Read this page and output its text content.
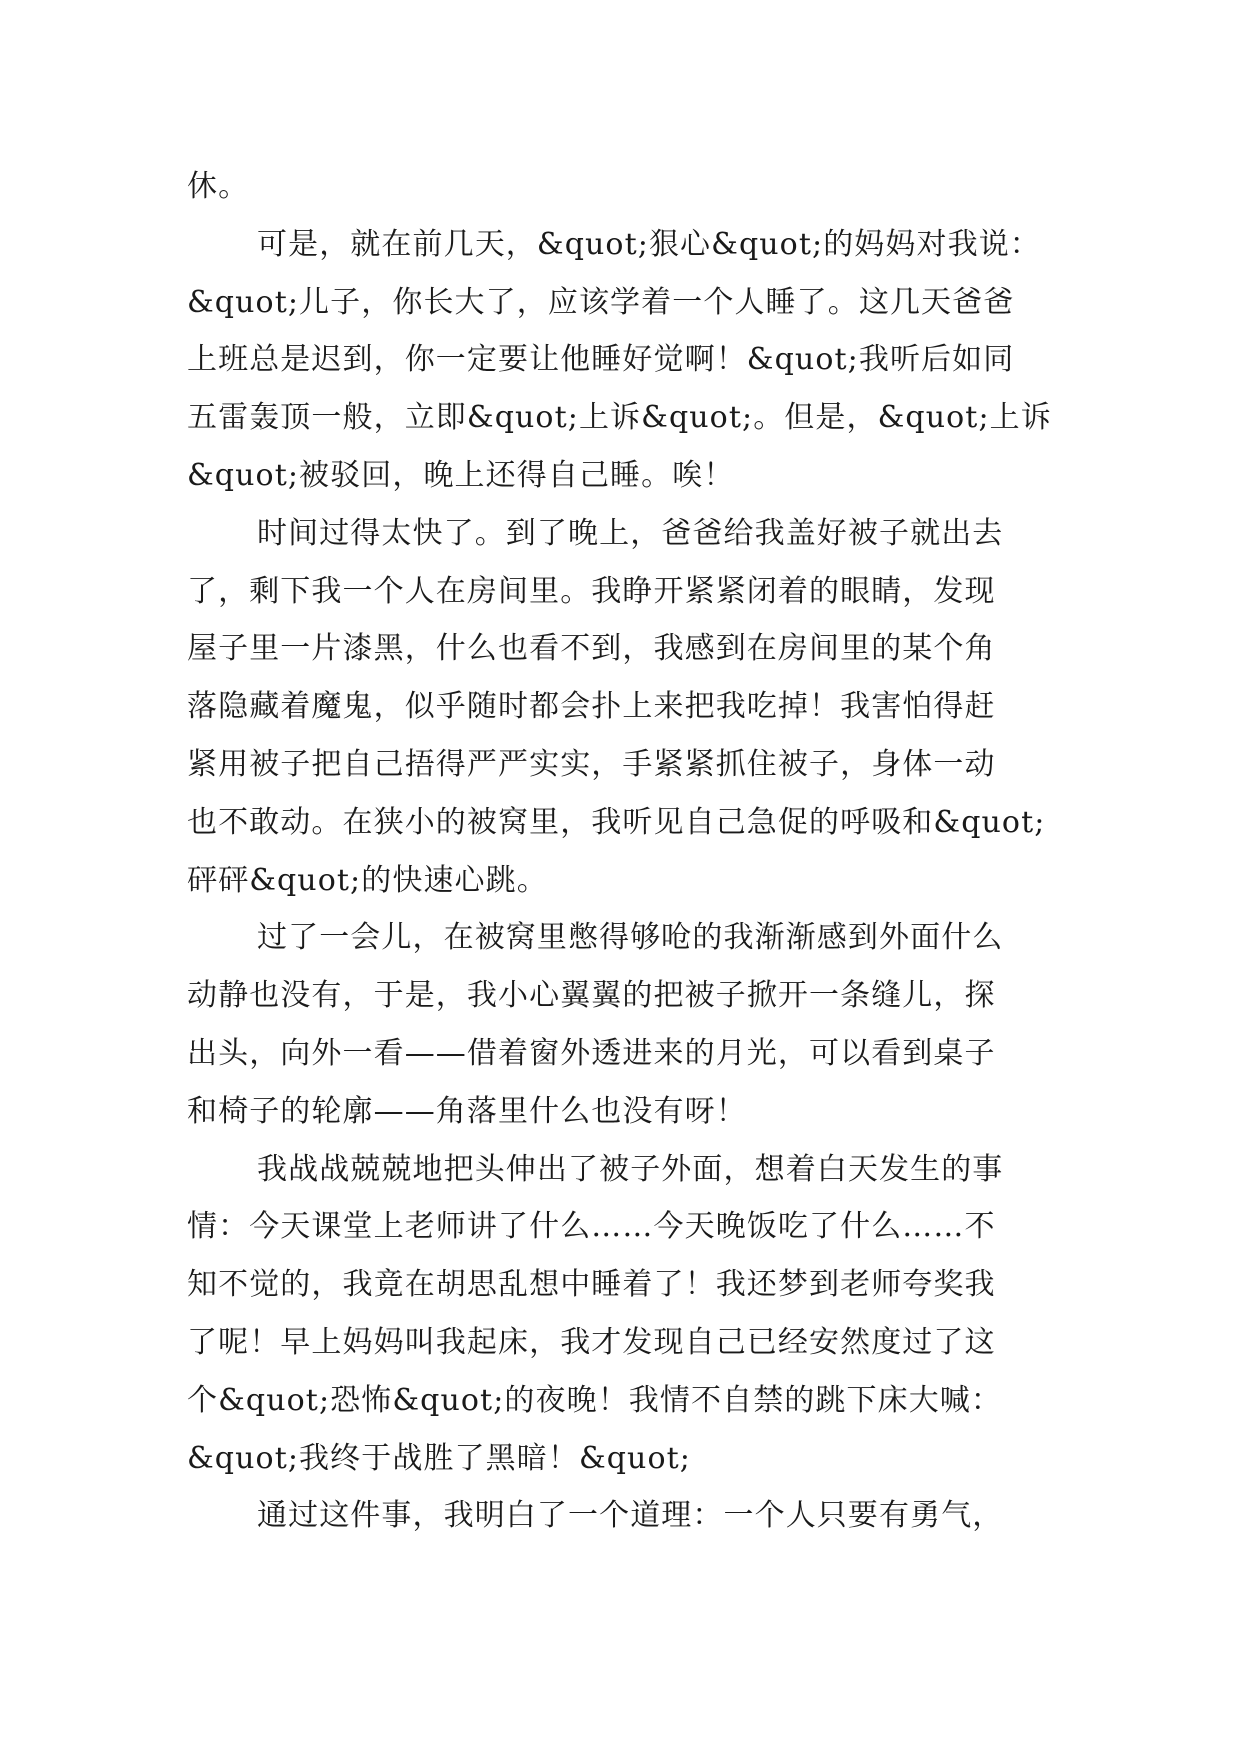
休。
可是，就在前几天，&quot;狠心&quot;的妈妈对我说：
&quot;儿子，你长大了，应该学着一个人睡了。这几天爸爸
上班总是迟到，你一定要让他睡好觉啊！&quot;我听后如同
五雷轰顶一般，立即&quot;上诉&quot;。但是，&quot;上诉
&quot;被驳回，晚上还得自己睡。唉！
时间过得太快了。到了晚上，爸爸给我盖好被子就出去
了，剩下我一个人在房间里。我睁开紧紧闭着的眼睛，发现
屋子里一片漆黑，什么也看不到，我感到在房间里的某个角
落隐藏着魔鬼，似乎随时都会扑上来把我吃掉！我害怕得赶
紧用被子把自己捂得严严实实，手紧紧抓住被子，身体一动
也不敢动。在狭小的被窝里，我听见自己急促的呼吸和&quot;
砰砰&quot;的快速心跳。
过了一会儿，在被窝里憋得够呛的我渐渐感到外面什么
动静也没有，于是，我小心翼翼的把被子掀开一条缝儿，探
出头，向外一看——借着窗外透进来的月光，可以看到桌子
和椅子的轮廓——角落里什么也没有呀！
我战战兢兢地把头伸出了被子外面，想着白天发生的事
情：今天课堂上老师讲了什么……今天晚饭吃了什么……不
知不觉的，我竟在胡思乱想中睡着了！我还梦到老师夸奖我
了呢！早上妈妈叫我起床，我才发现自己已经安然度过了这
个&quot;恐怖&quot;的夜晚！我情不自禁的跳下床大喊：
&quot;我终于战胜了黑暗！&quot;
通过这件事，我明白了一个道理：一个人只要有勇气，
